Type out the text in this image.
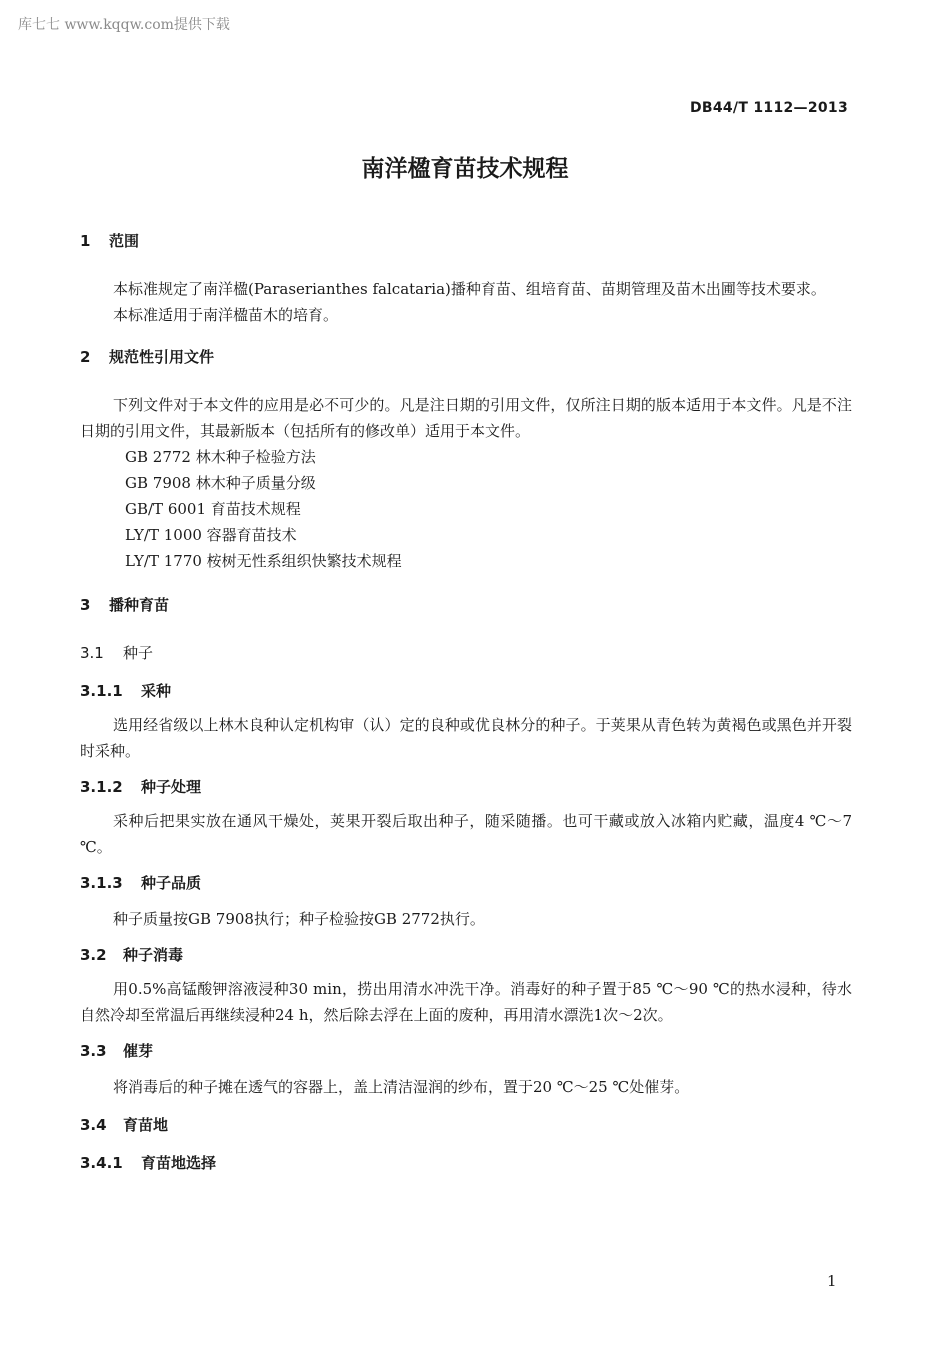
库七七 www.kqqw.com提供下载
DB44/T 1112—2013
南洋楹育苗技术规程
1 范围

本标准规定了南洋楹(Paraserianthes falcataria)播种育苗、组培育苗、苗期管理及苗木出圃等技术要求。

本标准适用于南洋楹苗木的培育。

2 规范性引用文件

下列文件对于本文件的应用是必不可少的。凡是注日期的引用文件，仅所注日期的版本适用于本文件。凡是不注日期的引用文件，其最新版本（包括所有的修改单）适用于本文件。

GB 2772 林木种子检验方法

GB 7908 林木种子质量分级

GB/T 6001 育苗技术规程

LY/T 1000 容器育苗技术

LY/T 1770 桉树无性系组织快繁技术规程

3 播种育苗
3.1 种子
3.1.1 采种

选用经省级以上林木良种认定机构审（认）定的良种或优良林分的种子。于荚果从青色转为黄褐色或黑色并开裂时采种。

3.1.2 种子处理

采种后把果实放在通风干燥处，荚果开裂后取出种子，随采随播。也可干藏或放入冰箱内贮藏，温度4 ℃～7 ℃。

3.1.3 种子品质

种子质量按GB 7908执行；种子检验按GB 2772执行。

3.2 种子消毒

用0.5%高锰酸钾溶液浸种30 min，捞出用清水冲洗干净。消毒好的种子置于85 ℃～90 ℃的热水浸种，待水自然冷却至常温后再继续浸种24 h，然后除去浮在上面的废种，再用清水漂洗1次～2次。

3.3 催芽

将消毒后的种子摊在透气的容器上，盖上清洁湿润的纱布，置于20 ℃～25 ℃处催芽。

3.4 育苗地
3.4.1 育苗地选择
1
